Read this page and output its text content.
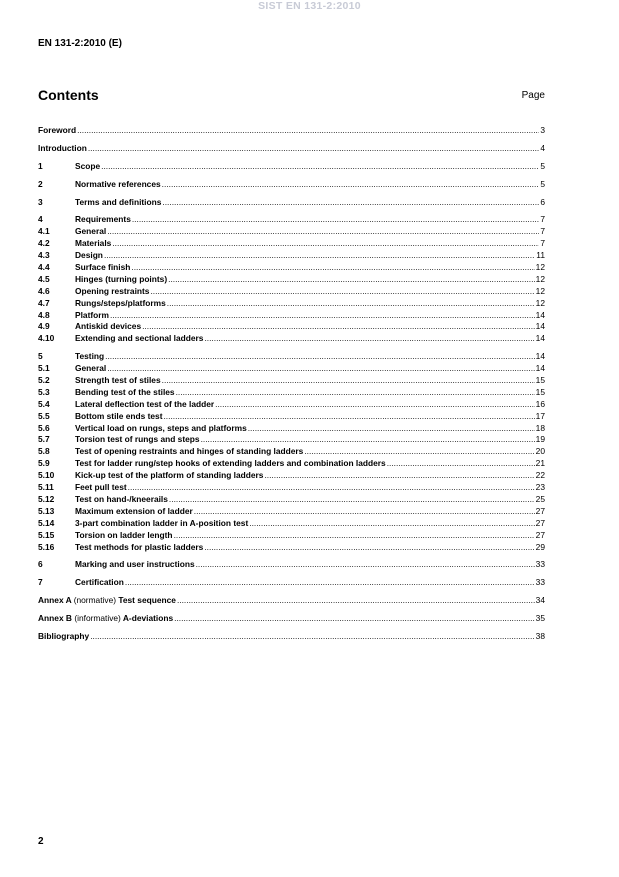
SIST EN 131-2:2010
EN 131-2:2010 (E)
Contents	Page
Foreword .....	3
Introduction .....	4
1	Scope .....	5
2	Normative references .....	5
3	Terms and definitions .....	6
4	Requirements .....	7
4.1	General .....	7
4.2	Materials .....	7
4.3	Design .....	11
4.4	Surface finish .....	12
4.5	Hinges (turning points) .....	12
4.6	Opening restraints .....	12
4.7	Rungs/steps/platforms .....	12
4.8	Platform .....	14
4.9	Antiskid devices .....	14
4.10	Extending and sectional ladders .....	14
5	Testing .....	14
5.1	General .....	14
5.2	Strength test of stiles .....	15
5.3	Bending test of the stiles .....	15
5.4	Lateral deflection test of the ladder .....	16
5.5	Bottom stile ends test .....	17
5.6	Vertical load on rungs, steps and platforms .....	18
5.7	Torsion test of rungs and steps .....	19
5.8	Test of opening restraints and hinges of standing ladders .....	20
5.9	Test for ladder rung/step hooks of extending ladders and combination ladders .....	21
5.10	Kick-up test of the platform of standing ladders .....	22
5.11	Feet pull test .....	23
5.12	Test on hand-/kneerails .....	25
5.13	Maximum extension of ladder .....	27
5.14	3-part combination ladder in A-position test .....	27
5.15	Torsion on ladder length .....	27
5.16	Test methods for plastic ladders .....	29
6	Marking and user instructions .....	33
7	Certification .....	33
Annex A (normative) Test sequence .....	34
Annex B (informative) A-deviations .....	35
Bibliography .....	38
2
